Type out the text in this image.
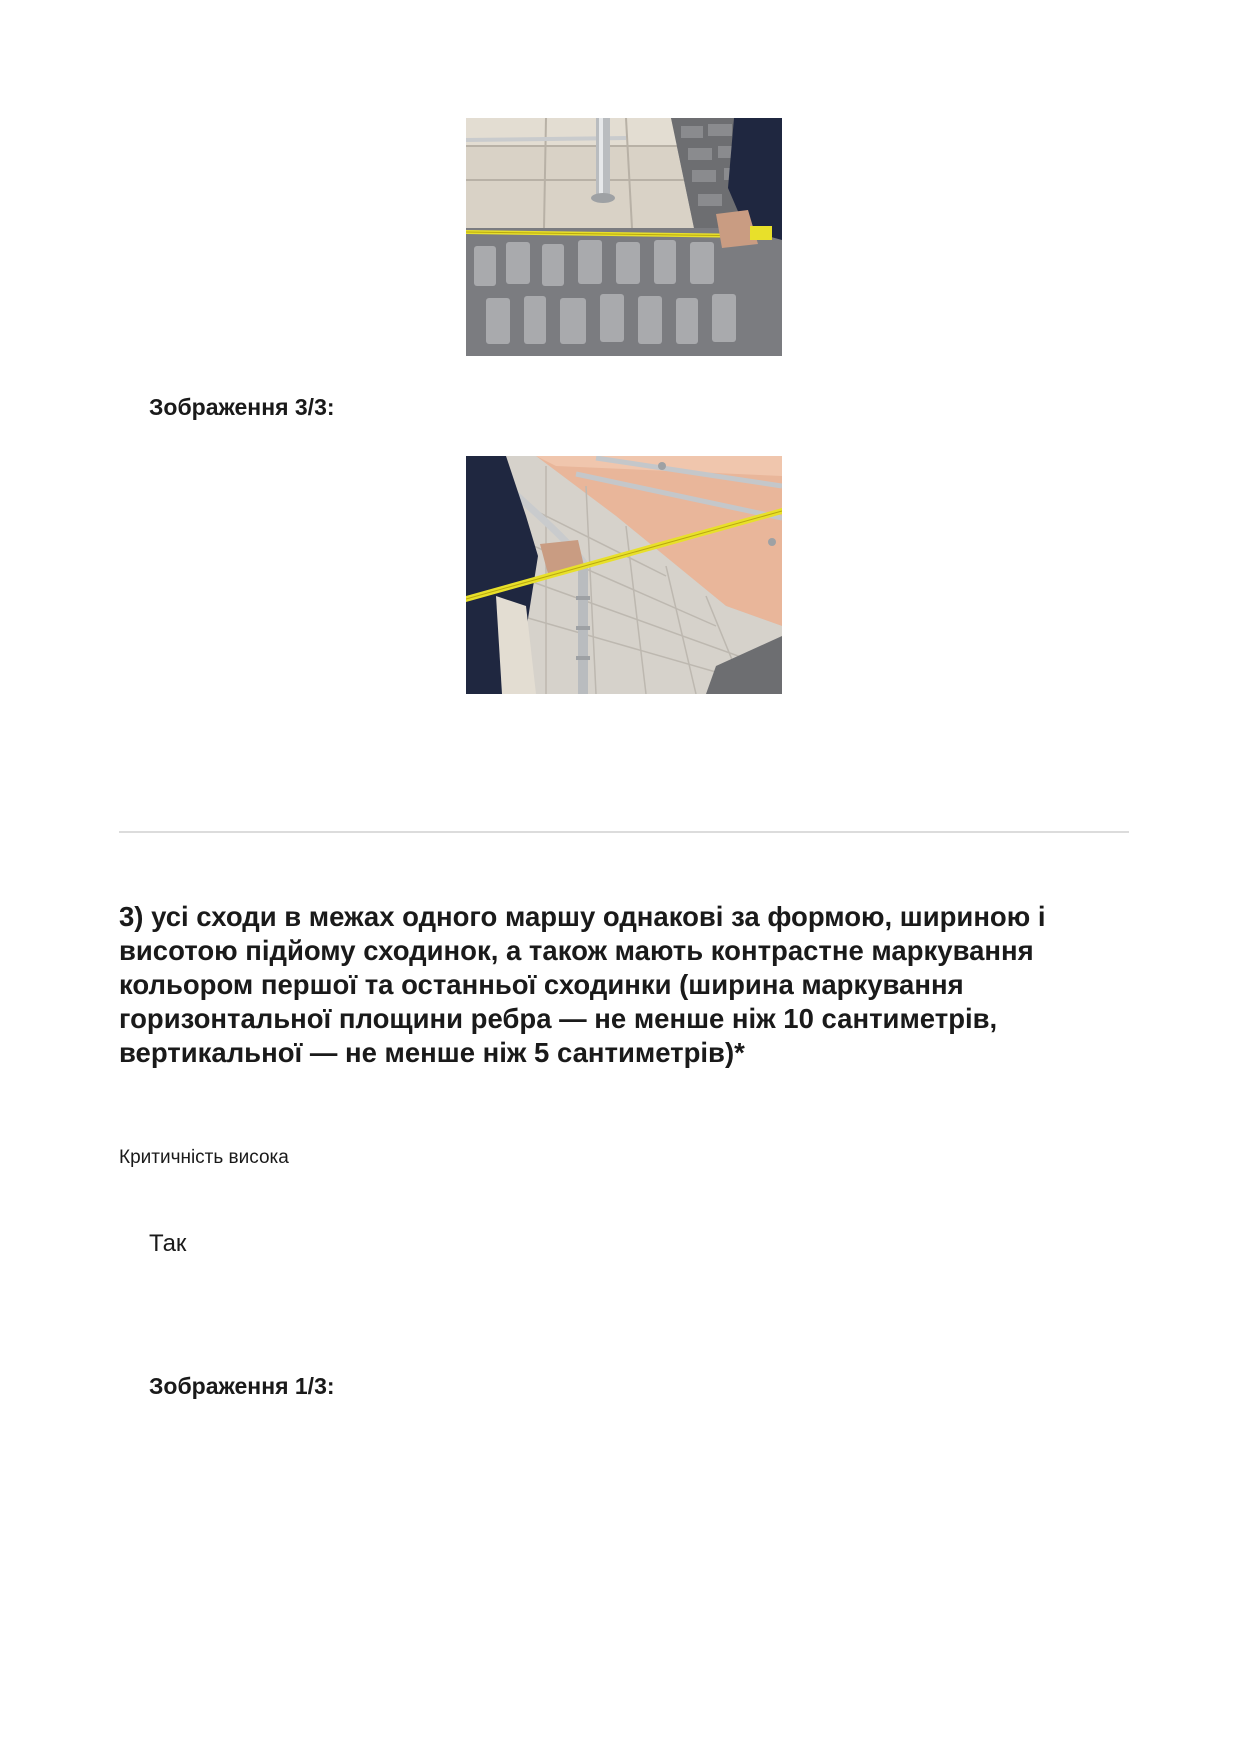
Зображення 3/3:
3) усі сходи в межах одного маршу однакові за формою, шириною і
висотою підйому сходинок, а також мають контрастне маркування
кольором першої та останньої сходинки (ширина маркування
горизонтальної площини ребра — не менше ніж 10 сантиметрів,
вертикальної — не менше ніж 5 сантиметрів)*
Критичність висока
Так
Зображення 1/3:
